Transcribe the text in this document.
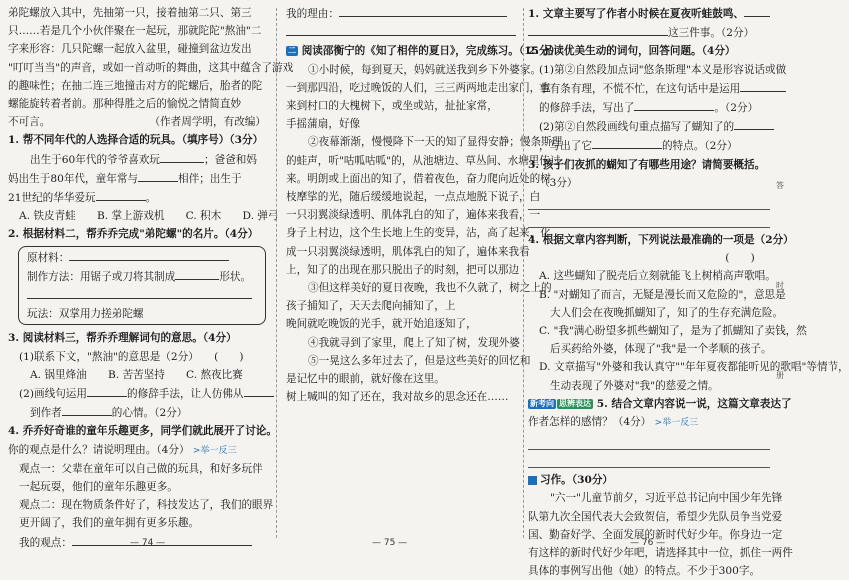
弟陀螺放入其中，先抽第一只，接着抽第二只、第三

只……若是几个小伙伴聚在一起玩，那就陀陀"熬油"二

字来形容：几只陀螺一起放入盆里，碰撞到盆边发出

"叮叮当当"的声音，或如一首动听的舞曲，这其中蕴含了游戏

的趣味性；在抽二连三地撞击对方的陀螺后，胎者的陀

螺能旋转着者前。那种得胜之后的愉悦之情简直妙

不可言。	（作者周学明，有改编）

1. 帮不同年代的人选择合适的玩具。（填序号）（3分）

出生于60年代的爷爷喜欢玩	；爸爸和妈

妈出生于80年代，童年常与	相伴；出生于

21世纪的华华爱玩	。

A. 铁皮青蛙　　B. 掌上游戏机　　C. 积木　　D. 弹弓

2. 根据材料二，帮乔乔完成"弟陀螺"的名片。（4分）

原材料：

制作方法：用锯子或刀将其制成	形状。

玩法：双掌用力搓弟陀螺

3. 阅读材料三，帮乔乔理解词句的意思。（4分）

(1)联系下文，"熬油"的意思是（2分） (　　)

A. 锅里烽油　　B. 苦苦坚持　　C. 熬夜比赛

(2)画线句运用	的修辞手法，让人仿佛从

到作者	的心情。（2分）

4. 乔乔好奇谁的童年乐趣更多，同学们就此展开了讨论。

你的观点是什么？请说明理由。（4分） >举一反三

观点一：父辈在童年可以自己做的玩具，和好多玩伴

一起玩耍，他们的童年乐趣更多。

观点二：现在物质条件好了，科技发达了，我们的眼界

更开阔了，我们的童年拥有更多乐趣。

我的观点：	— 74 —

我的理由：

二 阅读邵衡宁的《知了相伴的夏日》，完成练习。（15分）

①小时候，每到夏天，妈妈就送我到乡下外婆家。

一到那四沿，吃过晚饭的人们，三三两两地走出家门，也

来到村口的大槐树下，或坐或站，扯扯家常，

手摇蒲扇，好像

②夜幕渐渐，慢慢降下一天的知了显得安静；慢条斯理

的蛙声，听"咕呱咕呱"的，从池塘边、草丛间、水塘里传过

来。明朗或上面出的知了，借着夜色，奋力爬向近处的树

枝摩挲的光，随后缓缓地说起，一点点地脱下说子，白

一只羽翼淡绿透明、肌体乳白的知了，遍体来我看，一

身子上村边，这个生长地上生的变异，沾，高了起来，化

成一只羽翼淡绿透明，肌体乳白的知了，遍体来我看

上，知了的出现在那只脱出子的时刻，把可以那边

③但这样美好的夏日夜晚，我也不久就了，树之上的

孩子捕知了，天天去爬向捕知了，上

晚间就吃晚饭的光手，就开始追逐知了，

④我就寻到了家里，爬上了知了树，发现外婆

⑤一晃这么多年过去了，但是这些美好的回忆和

是记忆中的眼前，就好像在这里。

树上喊叫的知了还在，我对故乡的思念还在……

— 75 —

1. 文章主要写了作者小时候在夏夜听蛙鼓鸣、

这三件事。（2分）

2. 品读优美生动的词句，回答问题。（4分）

(1)第②自然段加点词"悠条斯理"本义是形容说话或做

事有条有理，不慌不忙，在这句话中是运用

的修辞手法，写出了	。（2分）

(2)第②自然段画线句重点描写了蝴知了的

，写出了它	的特点。（2分）

3. 孩子们夜抓的蝴知了有哪些用途？请简要概括。

（3分）

4. 根据文章内容判断，下列说法最准确的一项是（2分）

(　　)

A. 这些蝴知了脱壳后立刻就能飞上树梢高声歌唱。

B. "对蝴知了而言，无疑是漫长而又危险的"，意思是

大人们会在夜晚抓蝴知了，知了的生存充满危险。

C. "我"满心盼望多抓些蝴知了，是为了抓蝴知了卖钱，然

后买药给外婆，体现了"我"是一个孝顺的孩子。

D. 文章描写"外婆和我认真守""年年夏夜都能听见的歌唱"等情节，

生动表现了外婆对"我"的慈爱之情。

新考向 思辨表达 5. 结合文章内容说一说，这篇文章表达了

作者怎样的感情？（4分） >举一反三

习作。（30分）

"六一"儿童节前夕，习近平总书记向中国少年先锋

队第九次全国代表大会致贺信，希望少先队员争当党爱

国、勤奋好学、全面发展的新时代好少年。你身边一定

有这样的新时代好少年吧，请选择其中一位，抓住一两件

具体的事例写出他（她）的特点。不少于300字。

— 76 —
答
时
册
